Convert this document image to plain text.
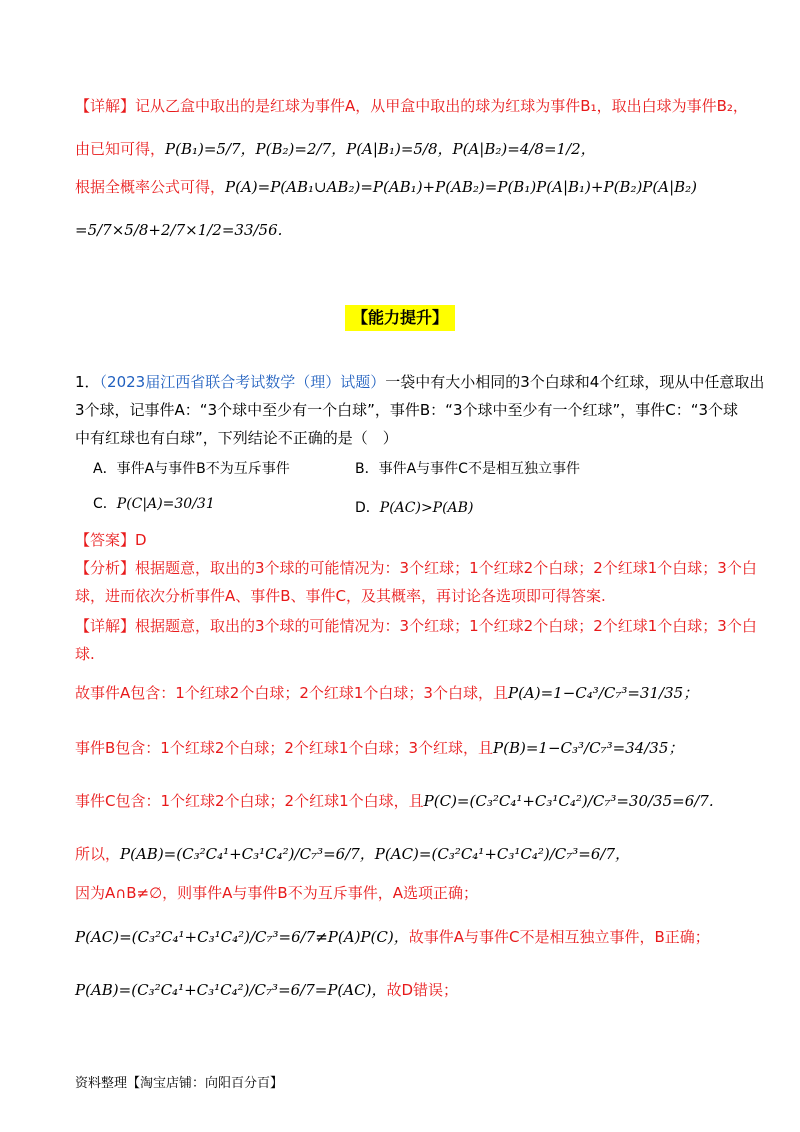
【详解】记从乙盒中取出的是红球为事件A，从甲盒中取出的球为红球为事件B₁，取出白球为事件B₂，
由已知可得，P(B₁)=5/7，P(B₂)=2/7，P(A|B₁)=5/8，P(A|B₂)=4/8=1/2，
根据全概率公式可得，P(A)=P(AB₁∪AB₂)=P(AB₁)+P(AB₂)=P(B₁)P(A|B₁)+P(B₂)P(A|B₂)
=5/7×5/8+2/7×1/2=33/56.
【能力提升】
1．（2023届江西省联合考试数学（理）试题）一袋中有大小相同的3个白球和4个红球，现从中任意取出
3个球，记事件A：“3个球中至少有一个白球”，事件B：“3个球中至少有一个红球”，事件C：“3个球
中有红球也有白球”，下列结论不正确的是（　）
A．事件A与事件B不为互斥事件	B．事件A与事件C不是相互独立事件
C．P(C|A)=30/31	D．P(AC)>P(AB)
【答案】D
【分析】根据题意，取出的3个球的可能情况为：3个红球；1个红球2个白球；2个红球1个白球；3个白
球，进而依次分析事件A、事件B、事件C，及其概率，再讨论各选项即可得答案.
【详解】根据题意，取出的3个球的可能情况为：3个红球；1个红球2个白球；2个红球1个白球；3个白
球.
故事件A包含：1个红球2个白球；2个红球1个白球；3个白球，且P(A)=1−C₄³/C₇³=31/35；
事件B包含：1个红球2个白球；2个红球1个白球；3个红球，且P(B)=1−C₃³/C₇³=34/35；
事件C包含：1个红球2个白球；2个红球1个白球，且P(C)=(C₃²C₄¹+C₃¹C₄²)/C₇³=30/35=6/7.
所以，P(AB)=(C₃²C₄¹+C₃¹C₄²)/C₇³=6/7，P(AC)=(C₃²C₄¹+C₃¹C₄²)/C₇³=6/7，
因为A∩B≠∅，则事件A与事件B不为互斥事件，A选项正确；
P(AC)=(C₃²C₄¹+C₃¹C₄²)/C₇³=6/7≠P(A)P(C)，故事件A与事件C不是相互独立事件，B正确；
P(AB)=(C₃²C₄¹+C₃¹C₄²)/C₇³=6/7=P(AC)，故D错误；
资料整理【淘宝店铺：向阳百分百】
